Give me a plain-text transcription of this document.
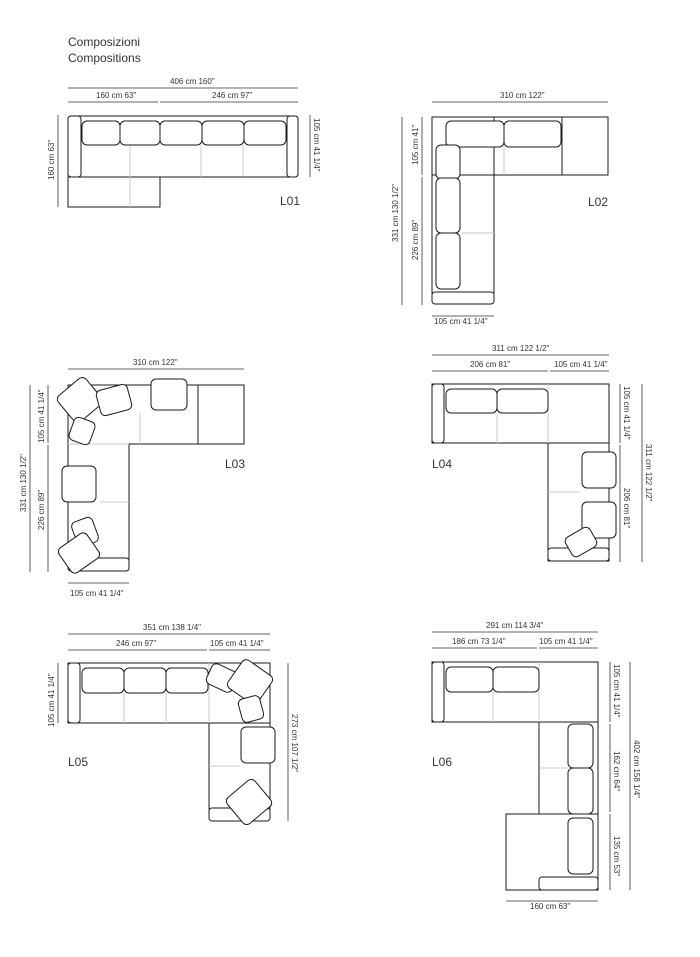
Composizioni
Compositions
406 cm 160"
160 cm 63"	246 cm 97"
160 cm 63"	105 cm 41 1/4"
L01
310 cm 122"
105 cm 41"
331 cm 130 1/2" 226 cm 89"
105 cm 41 1/4"
L02
310 cm 122"
105 cm 41 1/4"
331 cm 130 1/2" 226 cm 89"
105 cm 41 1/4"
L03
311 cm 122 1/2"
206 cm 81"	105 cm 41 1/4"
105 cm 41 1/4"
311 cm 122 1/2"
206 cm 81"
L04
351 cm 138 1/4"
246 cm 97"	105 cm 41 1/4"
105 cm 41 1/4"
273 cm 107 1/2"
L05
291 cm 114 3/4"
186 cm 73 1/4"	105 cm 41 1/4"
105 cm 41 1/4"
402 cm 158 1/4"
162 cm 64"
135 cm 53"
160 cm 63"
L06
